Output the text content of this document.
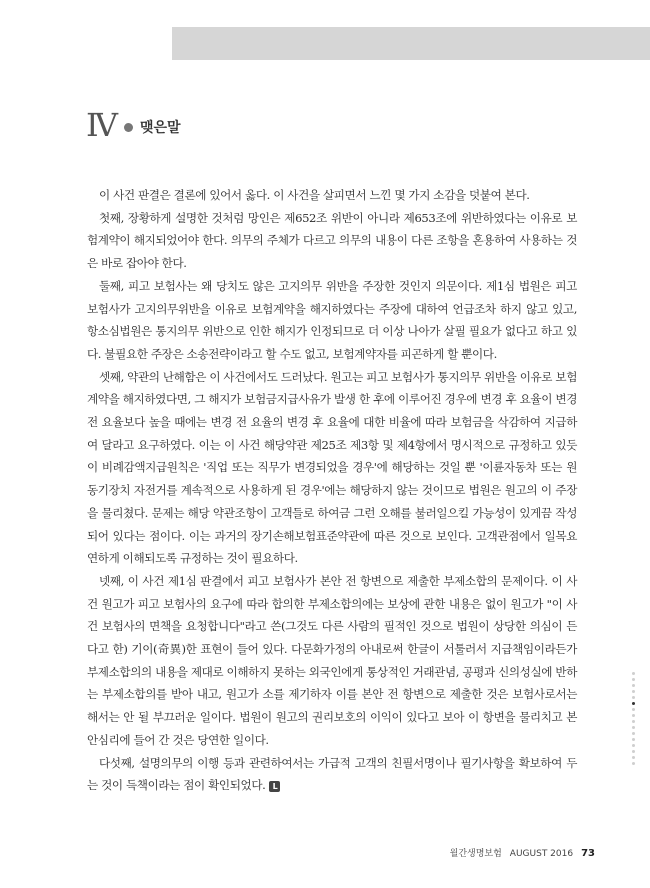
Ⅳ 맺은말

이 사건 판결은 결론에 있어서 옳다. 이 사건을 살피면서 느낀 몇 가지 소감을 덧붙여 본다.

첫째, 장황하게 설명한 것처럼 망인은 제652조 위반이 아니라 제653조에 위반하였다는 이유로 보험계약이 해지되었어야 한다. 의무의 주체가 다르고 의무의 내용이 다른 조항을 혼용하여 사용하는 것은 바로 잡아야 한다.

둘째, 피고 보험사는 왜 당치도 않은 고지의무 위반을 주장한 것인지 의문이다. 제1심 법원은 피고 보험사가 고지의무위반을 이유로 보험계약을 해지하였다는 주장에 대하여 언급조차 하지 않고 있고, 항소심법원은 통지의무 위반으로 인한 해지가 인정되므로 더 이상 나아가 살필 필요가 없다고 하고 있다. 불필요한 주장은 소송전략이라고 할 수도 없고, 보험계약자를 피곤하게 할 뿐이다.

셋째, 약관의 난해함은 이 사건에서도 드러났다. 원고는 피고 보험사가 통지의무 위반을 이유로 보험계약을 해지하였다면, 그 해지가 보험금지급사유가 발생 한 후에 이루어진 경우에 변경 후 요율이 변경 전 요율보다 높을 때에는 변경 전 요율의 변경 후 요율에 대한 비율에 따라 보험금을 삭감하여 지급하여 달라고 요구하였다. 이는 이 사건 해당약관 제25조 제3항 및 제4항에서 명시적으로 규정하고 있듯이 비례감액지급원칙은 '직업 또는 직무가 변경되었을 경우'에 해당하는 것일 뿐 '이륜자동차 또는 원동기장치 자전거를 계속적으로 사용하게 된 경우'에는 해당하지 않는 것이므로 법원은 원고의 이 주장을 물리쳤다. 문제는 해당 약관조항이 고객들로 하여금 그런 오해를 불러일으킬 가능성이 있게끔 작성되어 있다는 점이다. 이는 과거의 장기손해보험표준약관에 따른 것으로 보인다. 고객관점에서 일목요연하게 이해되도록 규정하는 것이 필요하다.

넷째, 이 사건 제1심 판결에서 피고 보험사가 본안 전 항변으로 제출한 부제소합의 문제이다. 이 사건 원고가 피고 보험사의 요구에 따라 합의한 부제소합의에는 보상에 관한 내용은 없이 원고가 "이 사건 보험사의 면책을 요청합니다"라고 쓴(그것도 다른 사람의 필적인 것으로 법원이 상당한 의심이 든다고 한) 기이(奇異)한 표현이 들어 있다. 다문화가정의 아내로써 한글이 서툴러서 지급책임이라든가 부제소합의의 내용을 제대로 이해하지 못하는 외국인에게 통상적인 거래관념, 공평과 신의성실에 반하는 부제소합의를 받아 내고, 원고가 소를 제기하자 이를 본안 전 항변으로 제출한 것은 보험사로서는 해서는 안 될 부끄러운 일이다. 법원이 원고의 권리보호의 이익이 있다고 보아 이 항변을 물리치고 본안심리에 들어 간 것은 당연한 일이다.

다섯째, 설명의무의 이행 등과 관련하여서는 가급적 고객의 친필서명이나 필기사항을 확보하여 두는 것이 득책이라는 점이 확인되었다. L

월간생명보험 AUGUST 2016 73
